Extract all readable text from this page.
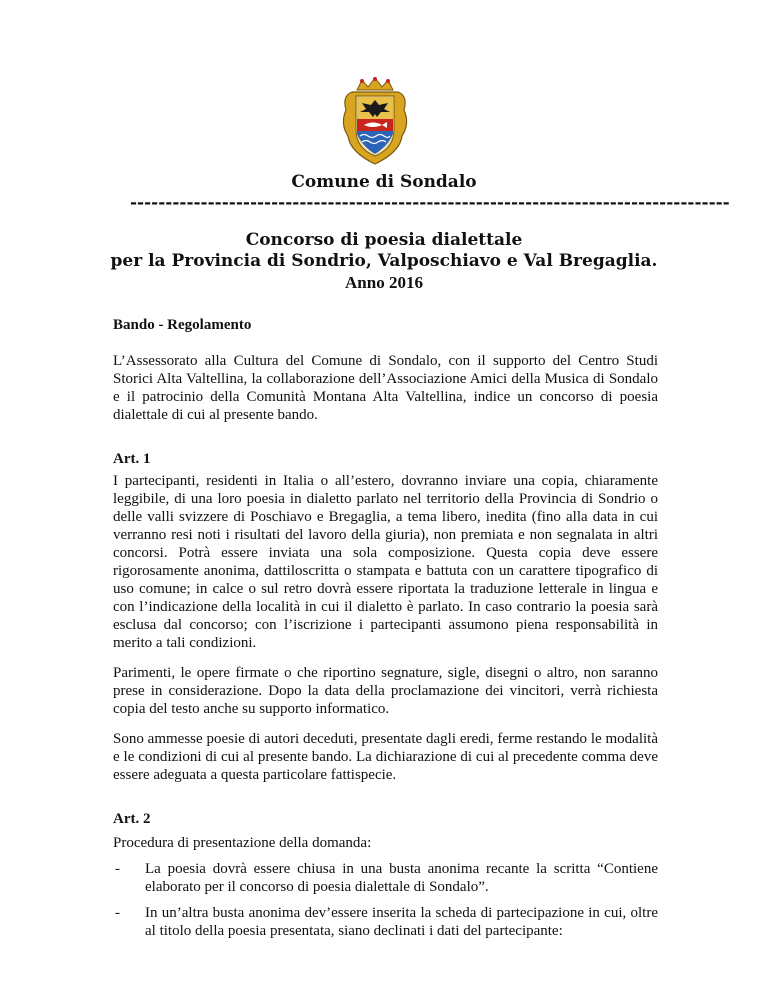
Comune di Sondalo
-------------------------------------------------------------------------------------
Concorso di poesia dialettale
per la Provincia di Sondrio, Valposchiavo e Val Bregaglia.
Anno 2016

Bando - Regolamento

L’Assessorato alla Cultura del Comune di Sondalo, con il supporto del Centro Studi Storici Alta Valtellina, la collaborazione dell’Associazione Amici della Musica di Sondalo e il patrocinio della Comunità Montana Alta Valtellina, indice un concorso di poesia dialettale di cui al presente bando.

Art. 1

I partecipanti, residenti in Italia o all’estero, dovranno inviare una copia, chiaramente leggibile, di una loro poesia in dialetto parlato nel territorio della Provincia di Sondrio o delle valli svizzere di Poschiavo e Bregaglia, a tema libero, inedita (fino alla data in cui verranno resi noti i risultati del lavoro della giuria), non premiata e non segnalata in altri concorsi. Potrà essere inviata una sola composizione. Questa copia deve essere rigorosamente anonima, dattiloscritta o stampata e battuta con un carattere tipografico di uso comune; in calce o sul retro dovrà essere riportata la traduzione letterale in lingua e con l’indicazione della località in cui il dialetto è parlato. In caso contrario la poesia sarà esclusa dal concorso; con l’iscrizione i partecipanti assumono piena responsabilità in merito a tali condizioni.

Parimenti, le opere firmate o che riportino segnature, sigle, disegni o altro, non saranno prese in considerazione. Dopo la data della proclamazione dei vincitori, verrà richiesta copia del testo anche su supporto informatico.

Sono ammesse poesie di autori deceduti, presentate dagli eredi, ferme restando le modalità e le condizioni di cui al presente bando. La dichiarazione di cui al precedente comma deve essere adeguata a questa particolare fattispecie.

Art. 2

Procedura di presentazione della domanda:

-	La poesia dovrà essere chiusa in una busta anonima recante la scritta “Contiene elaborato per il concorso di poesia dialettale di Sondalo”.
-	In un’altra busta anonima dev’essere inserita la scheda di partecipazione in cui, oltre al titolo della poesia presentata, siano declinati i dati del partecipante:
